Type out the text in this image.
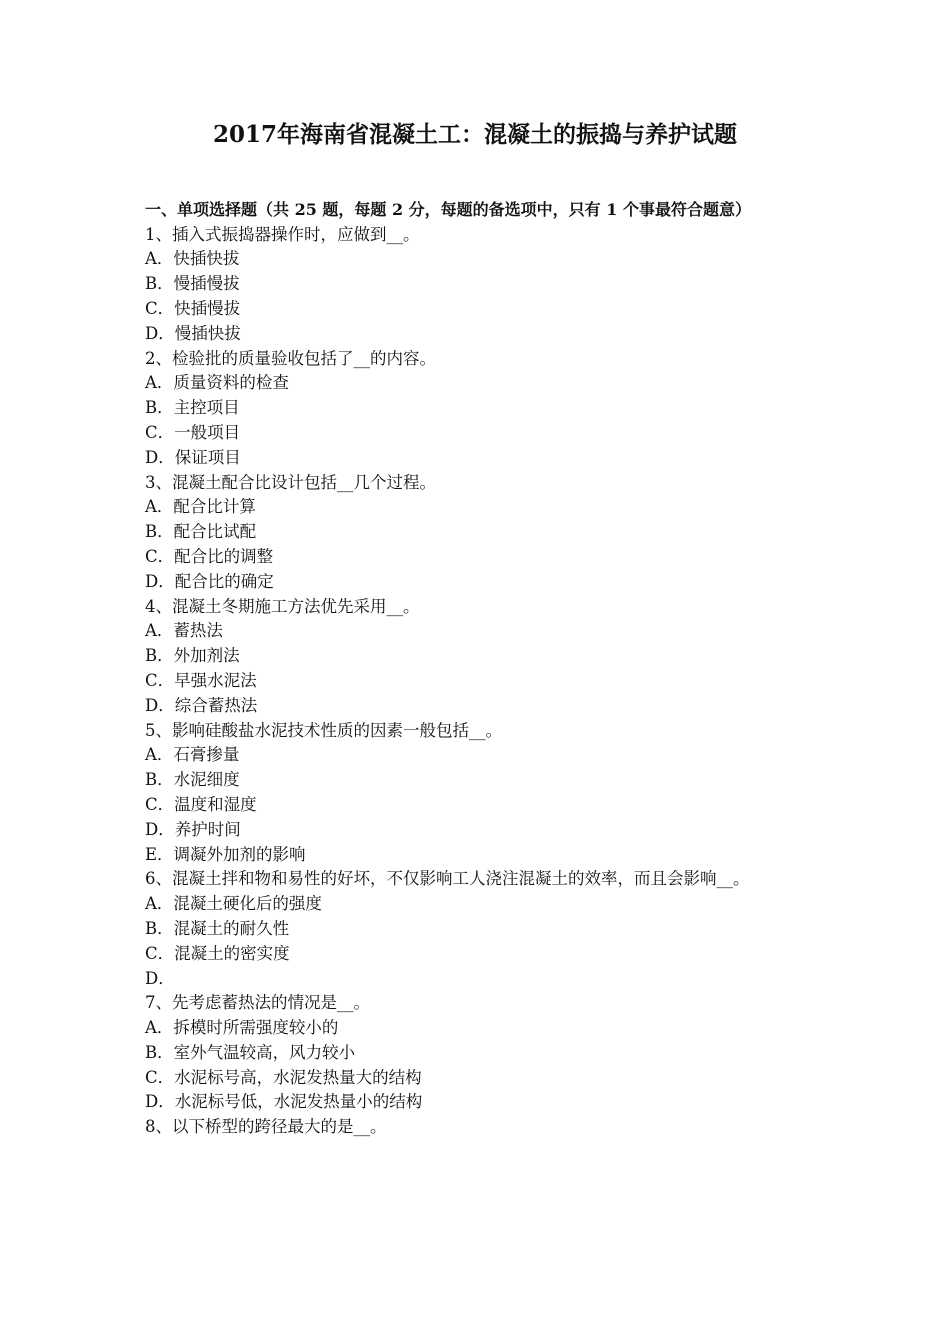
2017年海南省混凝土工：混凝土的振捣与养护试题

一、单项选择题（共 25 题，每题 2 分，每题的备选项中，只有 1 个事最符合题意）

1、插入式振捣器操作时，应做到__。

A．快插快拔

B．慢插慢拔

C．快插慢拔

D．慢插快拔

2、检验批的质量验收包括了__的内容。

A．质量资料的检查

B．主控项目

C．一般项目

D．保证项目

3、混凝土配合比设计包括__几个过程。

A．配合比计算

B．配合比试配

C．配合比的调整

D．配合比的确定

4、混凝土冬期施工方法优先采用__。

A．蓄热法

B．外加剂法

C．早强水泥法

D．综合蓄热法

5、影响硅酸盐水泥技术性质的因素一般包括__。

A．石膏掺量

B．水泥细度

C．温度和湿度

D．养护时间

E．调凝外加剂的影响

6、混凝土拌和物和易性的好坏，不仅影响工人浇注混凝土的效率，而且会影响__。

A．混凝土硬化后的强度

B．混凝土的耐久性

C．混凝土的密实度

D．

7、先考虑蓄热法的情况是__。

A．拆模时所需强度较小的

B．室外气温较高，风力较小

C．水泥标号高，水泥发热量大的结构

D．水泥标号低，水泥发热量小的结构

8、以下桥型的跨径最大的是__。
